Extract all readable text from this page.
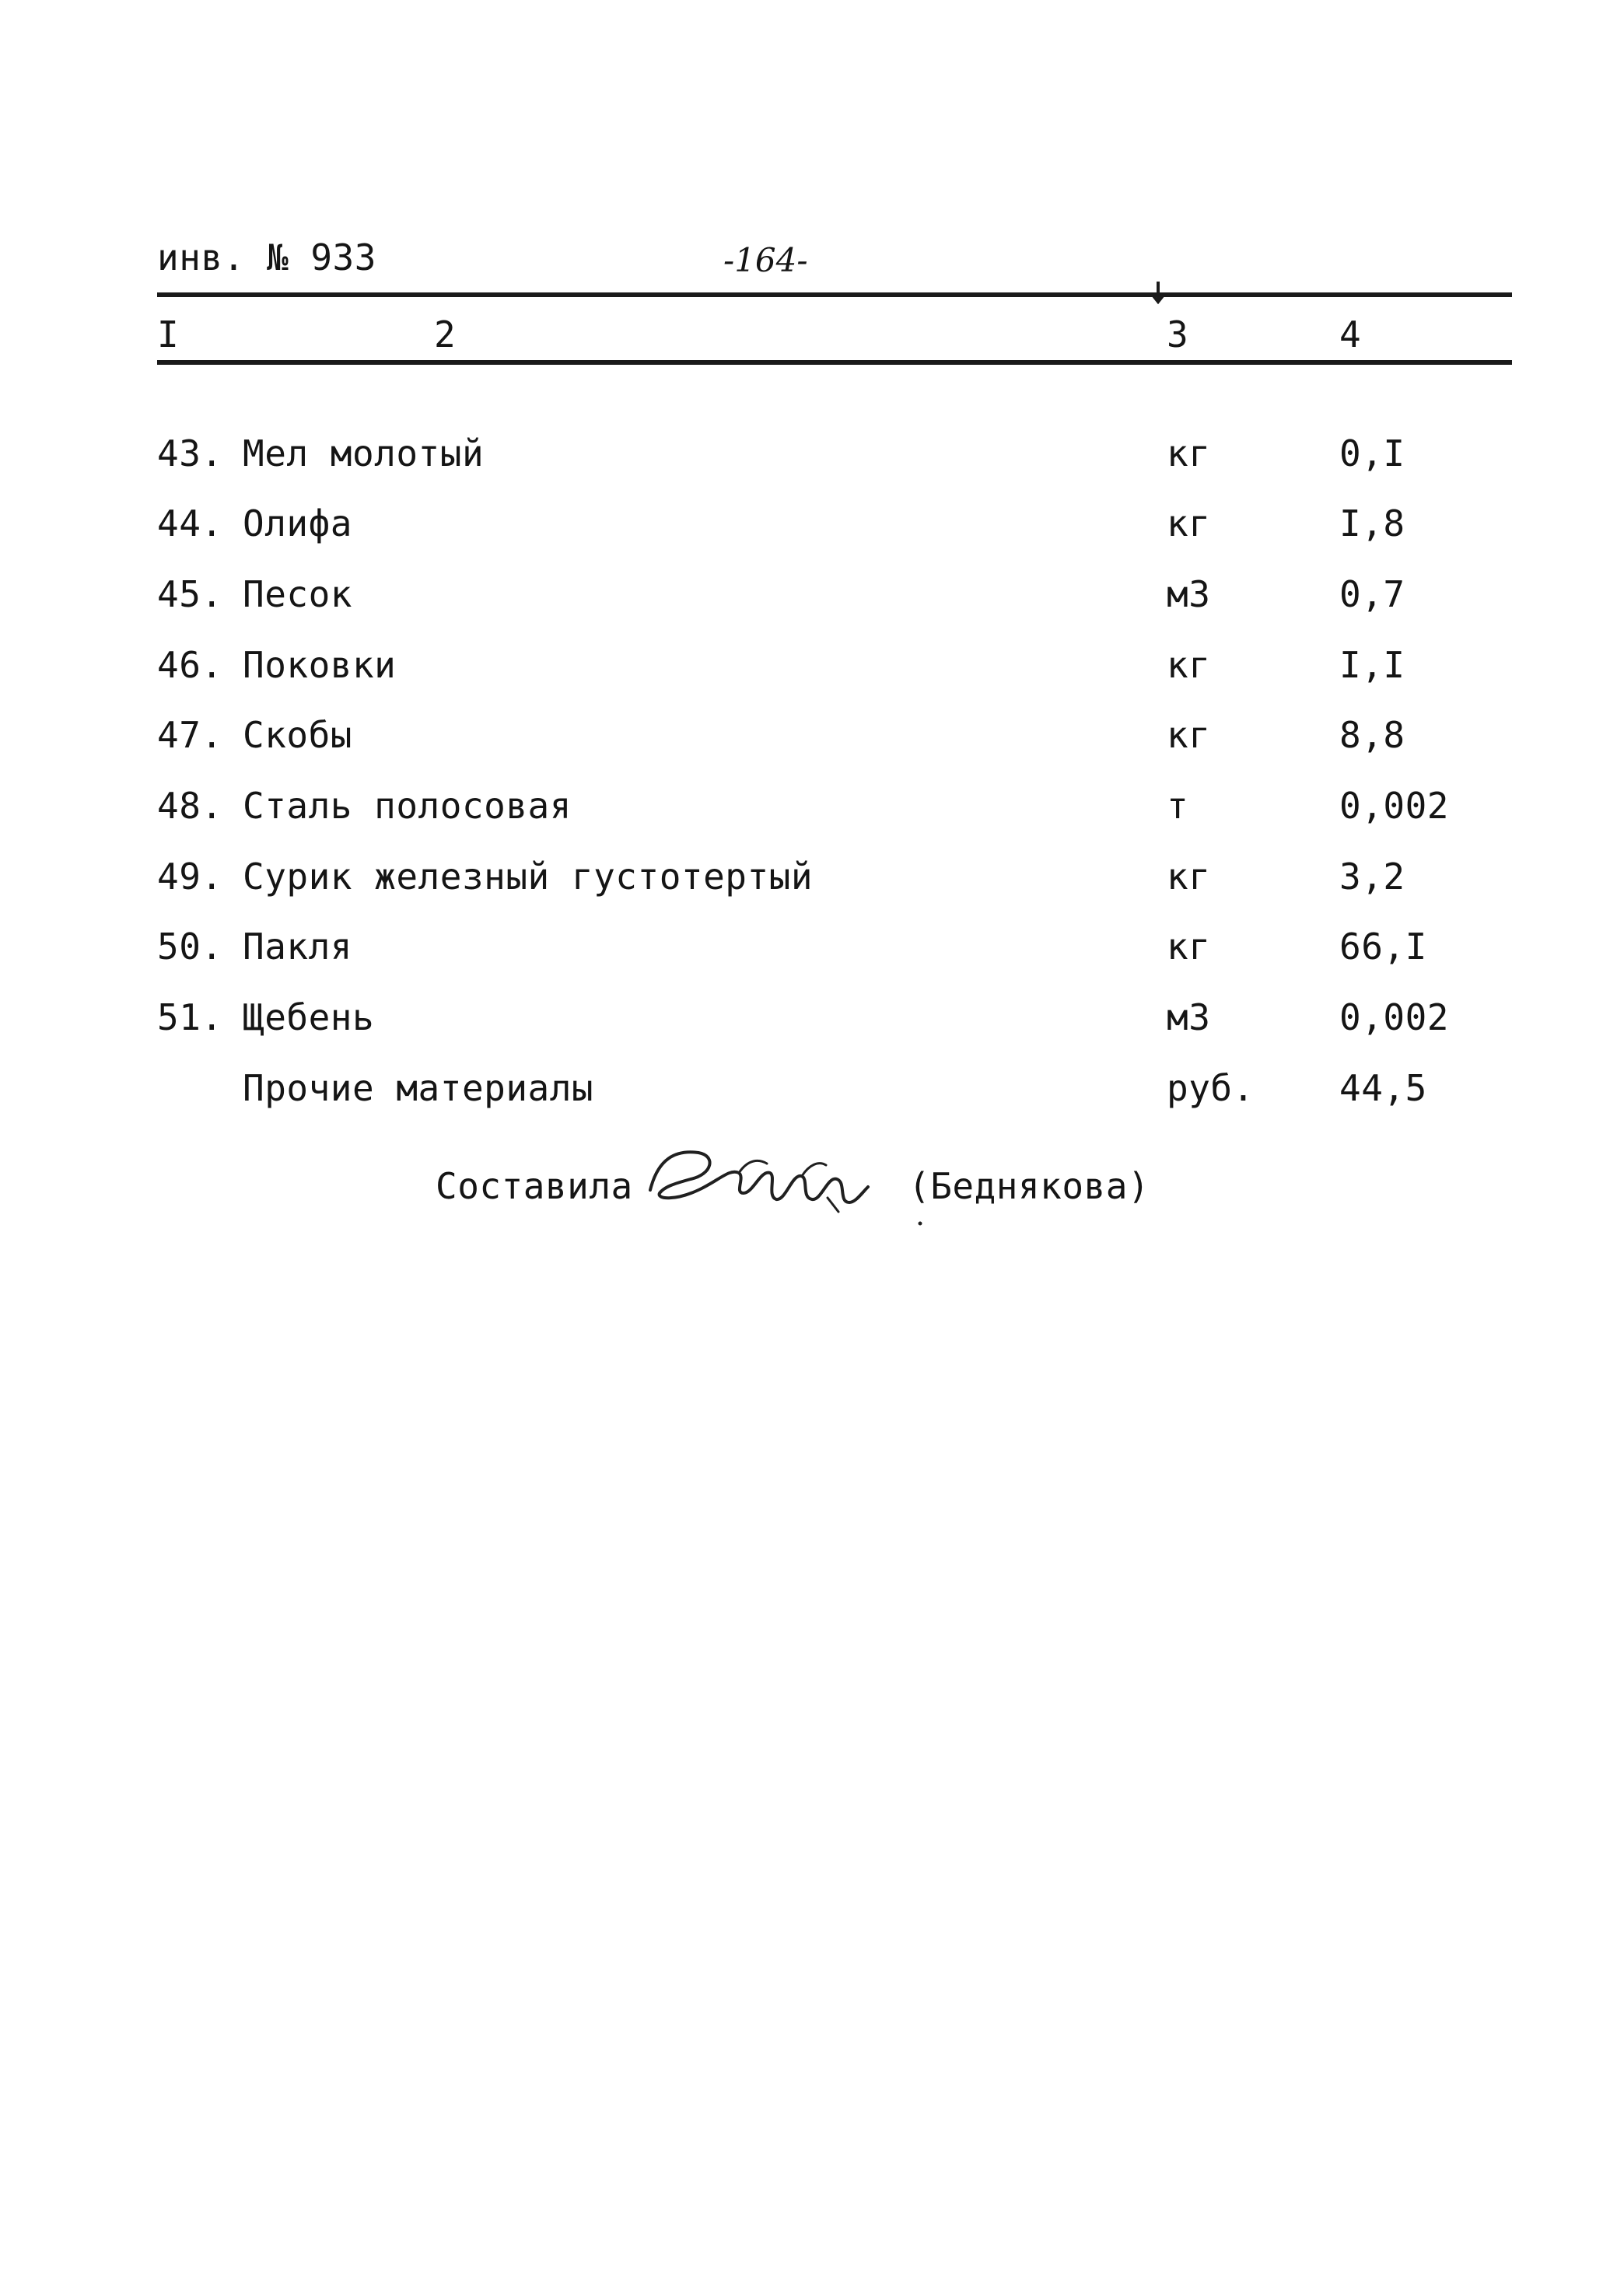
инв. № 933	-164-
I	2	3	4
43. Мел молотый	кг	0,I
44. Олифа	кг	I,8
45. Песок	м3	0,7
46. Поковки	кг	I,I
47. Скобы	кг	8,8
48. Сталь полосовая	т	0,002
49. Сурик железный густотертый	кг	3,2
50. Пакля	кг	66,I
51. Щебень	м3	0,002
Прочие материалы	руб. 44,5
Составила	(Беднякова)
